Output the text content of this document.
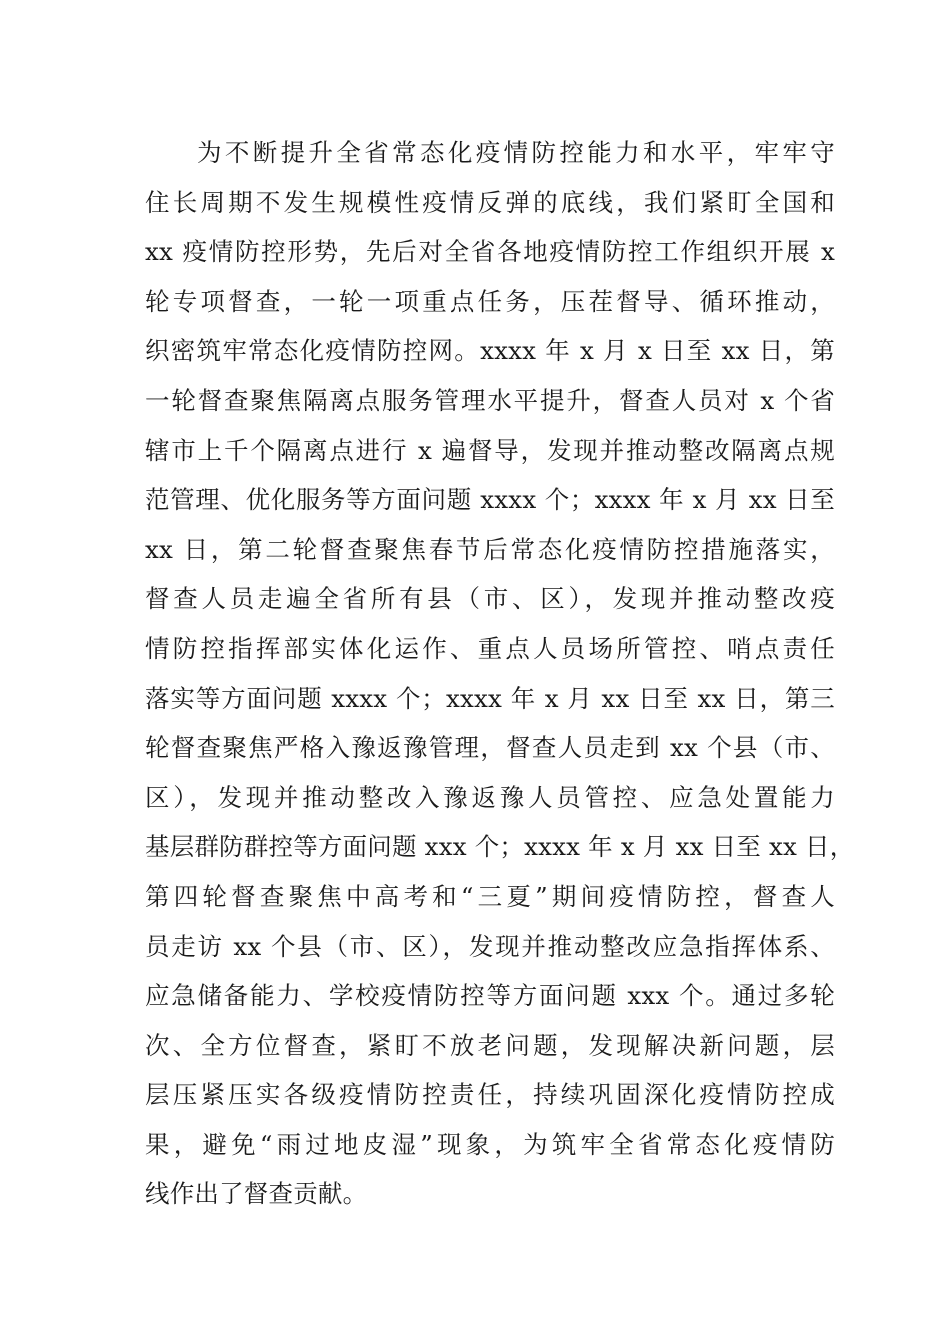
为不断提升全省常态化疫情防控能力和水平，牢牢守
住长周期不发生规模性疫情反弹的底线，我们紧盯全国和
xx 疫情防控形势，先后对全省各地疫情防控工作组织开展 x
轮专项督查，一轮一项重点任务，压茬督导、循环推动，
织密筑牢常态化疫情防控网。xxxx 年 x 月 x 日至 xx 日，第
一轮督查聚焦隔离点服务管理水平提升，督查人员对 x 个省
辖市上千个隔离点进行 x 遍督导，发现并推动整改隔离点规
范管理、优化服务等方面问题 xxxx 个；xxxx 年 x 月 xx 日至
xx 日，第二轮督查聚焦春节后常态化疫情防控措施落实，
督查人员走遍全省所有县（市、区），发现并推动整改疫
情防控指挥部实体化运作、重点人员场所管控、哨点责任
落实等方面问题 xxxx 个；xxxx 年 x 月 xx 日至 xx 日，第三
轮督查聚焦严格入豫返豫管理，督查人员走到 xx 个县（市、
区），发现并推动整改入豫返豫人员管控、应急处置能力
基层群防群控等方面问题 xxx 个；xxxx 年 x 月 xx 日至 xx 日，
第四轮督查聚焦中高考和“三夏”期间疫情防控，督查人
员走访 xx 个县（市、区），发现并推动整改应急指挥体系、
应急储备能力、学校疫情防控等方面问题 xxx 个。通过多轮
次、全方位督查，紧盯不放老问题，发现解决新问题，层
层压紧压实各级疫情防控责任，持续巩固深化疫情防控成
果，避免“雨过地皮湿”现象，为筑牢全省常态化疫情防
线作出了督查贡献。
